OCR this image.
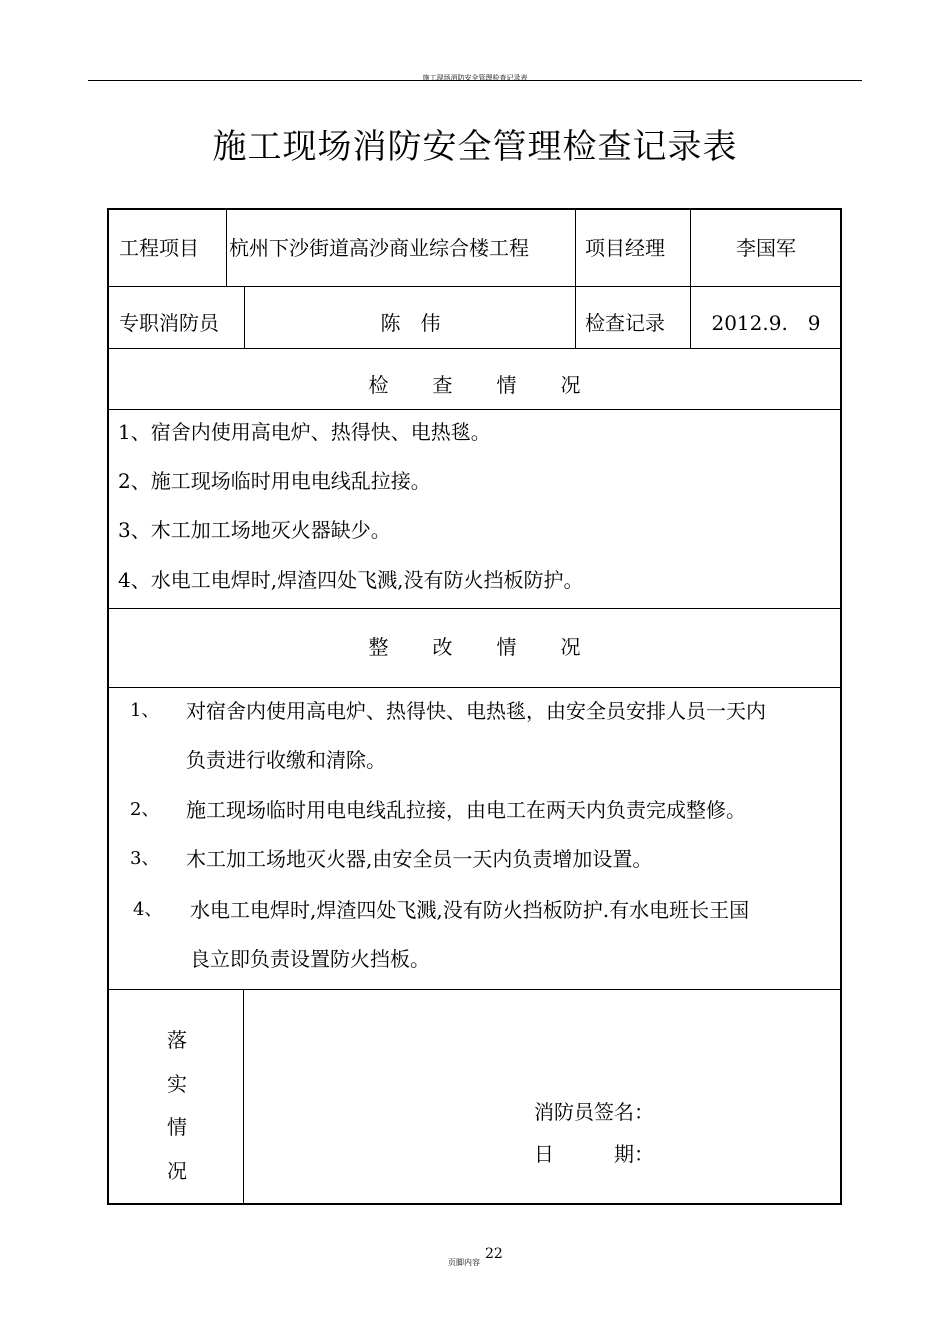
施工现场消防安全管理检查记录表
施工现场消防安全管理检查记录表
工程项目 杭州下沙街道高沙商业综合楼工程	项目经理	李国军
专职消防员	陈　伟	检查记录	2012.9.　9
检查情况
1、宿舍内使用高电炉、热得快、电热毯。
2、施工现场临时用电电线乱拉接。
3、木工加工场地灭火器缺少。
4、水电工电焊时,焊渣四处飞溅,没有防火挡板防护。
整改情况
1、 对宿舍内使用高电炉、热得快、电热毯，由安全员安排人员一天内
负责进行收缴和清除。
2、 施工现场临时用电电线乱拉接，由电工在两天内负责完成整修。
3、 木工加工场地灭火器,由安全员一天内负责增加设置。
4、 水电工电焊时,焊渣四处飞溅,没有防火挡板防护.有水电班长王国
良立即负责设置防火挡板。
落
实
情
况
消防员签名：
日　　　期：
页脚内容
22
